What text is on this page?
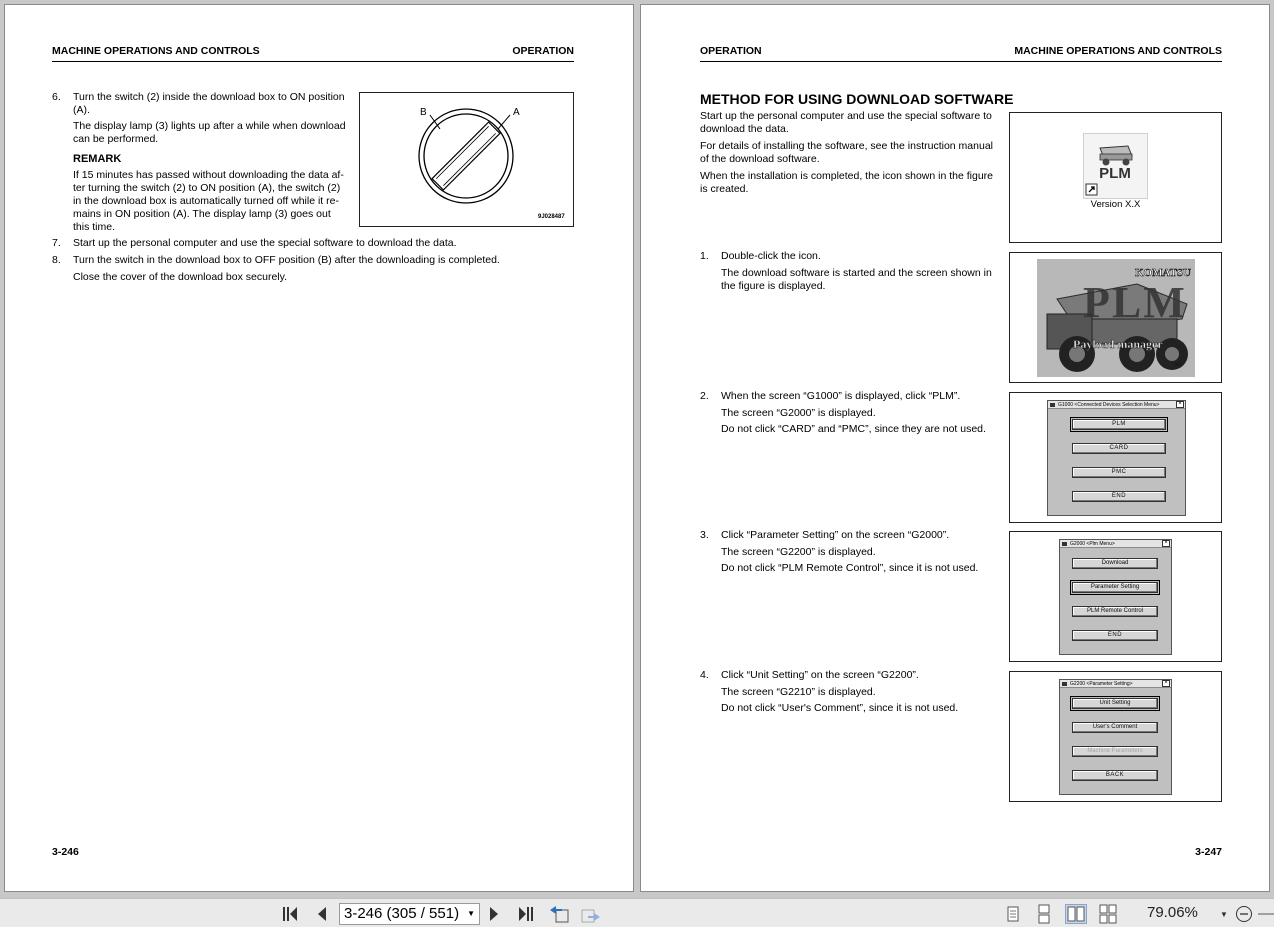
MACHINE OPERATIONS AND CONTROLS	OPERATION
6. Turn the switch (2) inside the download box to ON position
(A).
The display lamp (3) lights up after a while when download
can be performed.
REMARK
If 15 minutes has passed without downloading the data af-
ter turning the switch (2) to ON position (A), the switch (2)
in the download box is automatically turned off while it re-
mains in ON position (A). The display lamp (3) goes out
this time.
B	A
9J028487
7. Start up the personal computer and use the special software to download the data.
8. Turn the switch in the download box to OFF position (B) after the downloading is completed.
Close the cover of the download box securely.
3-246
OPERATION	MACHINE OPERATIONS AND CONTROLS
METHOD FOR USING DOWNLOAD SOFTWARE
Start up the personal computer and use the special software to
download the data.
For details of installing the software, see the instruction manual
of the download software.
When the installation is completed, the icon shown in the figure
is created.
PLM
Version X.X
1. Double-click the icon.
The download software is started and the screen shown in
the figure is displayed.
KOMATSU
PLM
Payload manager
XX
2. When the screen “G1000” is displayed, click “PLM”.
The screen “G2000” is displayed.
Do not click “CARD” and “PMC”, since they are not used.
G1000 <Connected Devices Selection Menu>	×
PLM
CARD
PMC
END
3. Click “Parameter Setting” on the screen “G2000”.
The screen “G2200” is displayed.
Do not click “PLM Remote Control”, since it is not used.
G2000 <Plm Menu>	×
Download
Parameter Setting
PLM Remote Control
END
4. Click “Unit Setting” on the screen “G2200”.
The screen “G2210” is displayed.
Do not click “User's Comment”, since it is not used.
G2200 <Parameter Setting>	×
Unit Setting
User's Comment
Machine Parameters
BACK
3-247
3-246 (305 / 551) ▼	79.06%	▼
